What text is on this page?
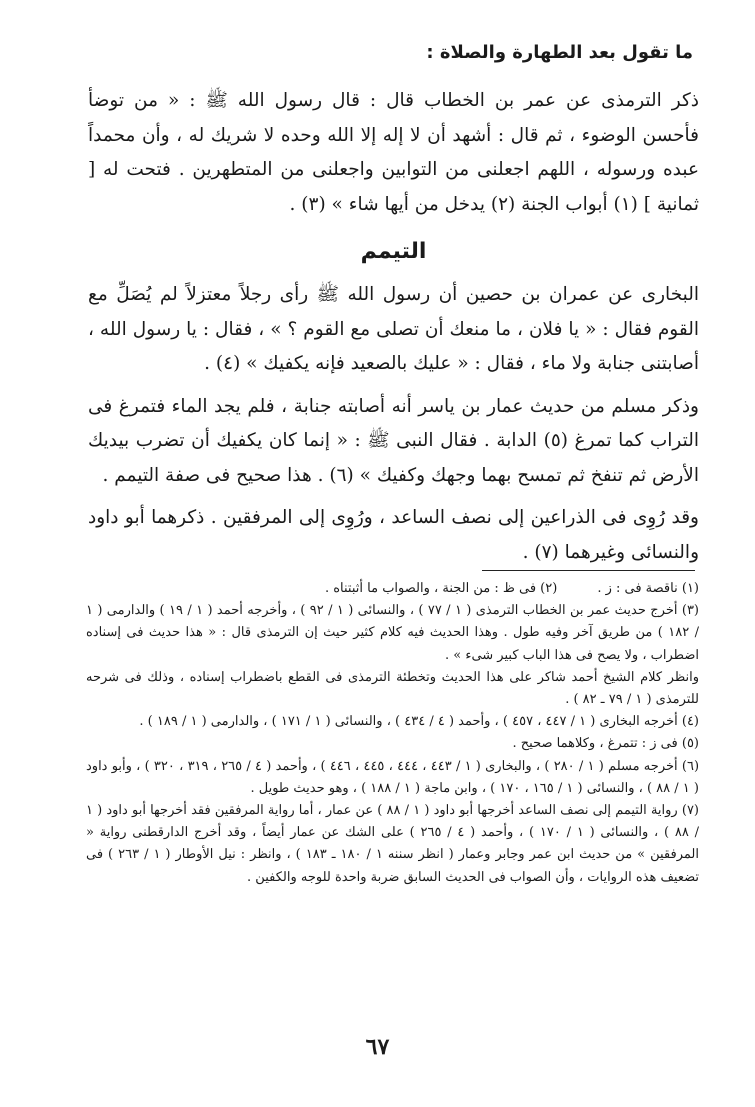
ما تقول بعد الطهارة والصلاة :

ذكر الترمذى عن عمر بن الخطاب قال : قال رسول الله ﷺ : « من توضأ فأحسن الوضوء ، ثم قال : أشهد أن لا إله إلا الله وحده لا شريك له ، وأن محمداً عبده ورسوله ، اللهم اجعلنى من التوابين واجعلنى من المتطهرين . فتحت له [ ثمانية ] (١) أبواب الجنة (٢) يدخل من أيها شاء » (٣) .

التيمم

البخارى عن عمران بن حصين أن رسول الله ﷺ رأى رجلاً معتزلاً لم يُصَلِّ مع القوم فقال : « يا فلان ، ما منعك أن تصلى مع القوم ؟ » ، فقال : يا رسول الله ، أصابتنى جنابة ولا ماء ، فقال : « عليك بالصعيد فإنه يكفيك » (٤) .

وذكر مسلم من حديث عمار بن ياسر أنه أصابته جنابة ، فلم يجد الماء فتمرغ فى التراب كما تمرغ (٥) الدابة . فقال النبى ﷺ : « إنما كان يكفيك أن تضرب بيديك الأرض ثم تنفخ ثم تمسح بهما وجهك وكفيك » (٦) . هذا صحيح فى صفة التيمم .

وقد رُوِى فى الذراعين إلى نصف الساعد ، ورُوِى إلى المرفقين . ذكرهما أبو داود والنسائى وغيرهما (٧) .

(١) ناقصة فى : ز .

(٢) فى ظ : من الجنة ، والصواب ما أثبتناه .

(٣) أخرج حديث عمر بن الخطاب الترمذى ( ١ / ٧٧ ) ، والنسائى ( ١ / ٩٢ ) ، وأخرجه أحمد ( ١ / ١٩ ) والدارمى ( ١ / ١٨٢ ) من طريق آخر وفيه طول . وهذا الحديث فيه كلام كثير حيث إن الترمذى قال : « هذا حديث فى إسناده اضطراب ، ولا يصح فى هذا الباب كبير شىء » .

وانظر كلام الشيخ أحمد شاكر على هذا الحديث وتخطئة الترمذى فى القطع باضطراب إسناده ، وذلك فى شرحه للترمذى ( ١ / ٧٩ ـ ٨٢ ) .

(٤) أخرجه البخارى ( ١ / ٤٤٧ ، ٤٥٧ ) ، وأحمد ( ٤ / ٤٣٤ ) ، والنسائى ( ١ / ١٧١ ) ، والدارمى ( ١ / ١٨٩ ) .

(٥) فى ز : تتمرغ ، وكلاهما صحيح .

(٦) أخرجه مسلم ( ١ / ٢٨٠ ) ، والبخارى ( ١ / ٤٤٣ ، ٤٤٤ ، ٤٤٥ ، ٤٤٦ ) ، وأحمد ( ٤ / ٢٦٥ ، ٣١٩ ، ٣٢٠ ) ، وأبو داود ( ١ / ٨٨ ) ، والنسائى ( ١ / ١٦٥ ، ١٧٠ ) ، وابن ماجة ( ١ / ١٨٨ ) ، وهو حديث طويل .

(٧) رواية التيمم إلى نصف الساعد أخرجها أبو داود ( ١ / ٨٨ ) عن عمار ، أما رواية المرفقين فقد أخرجها أبو داود ( ١ / ٨٨ ) ، والنسائى ( ١ / ١٧٠ ) ، وأحمد ( ٤ / ٢٦٥ ) على الشك عن عمار أيضاً ، وقد أخرج الدارقطنى رواية « المرفقين » من حديث ابن عمر وجابر وعمار ( انظر سننه ١ / ١٨٠ ـ ١٨٣ ) ، وانظر : نيل الأوطار ( ١ / ٢٦٣ ) فى تضعيف هذه الروايات ، وأن الصواب فى الحديث السابق ضربة واحدة للوجه والكفين .

٦٧
